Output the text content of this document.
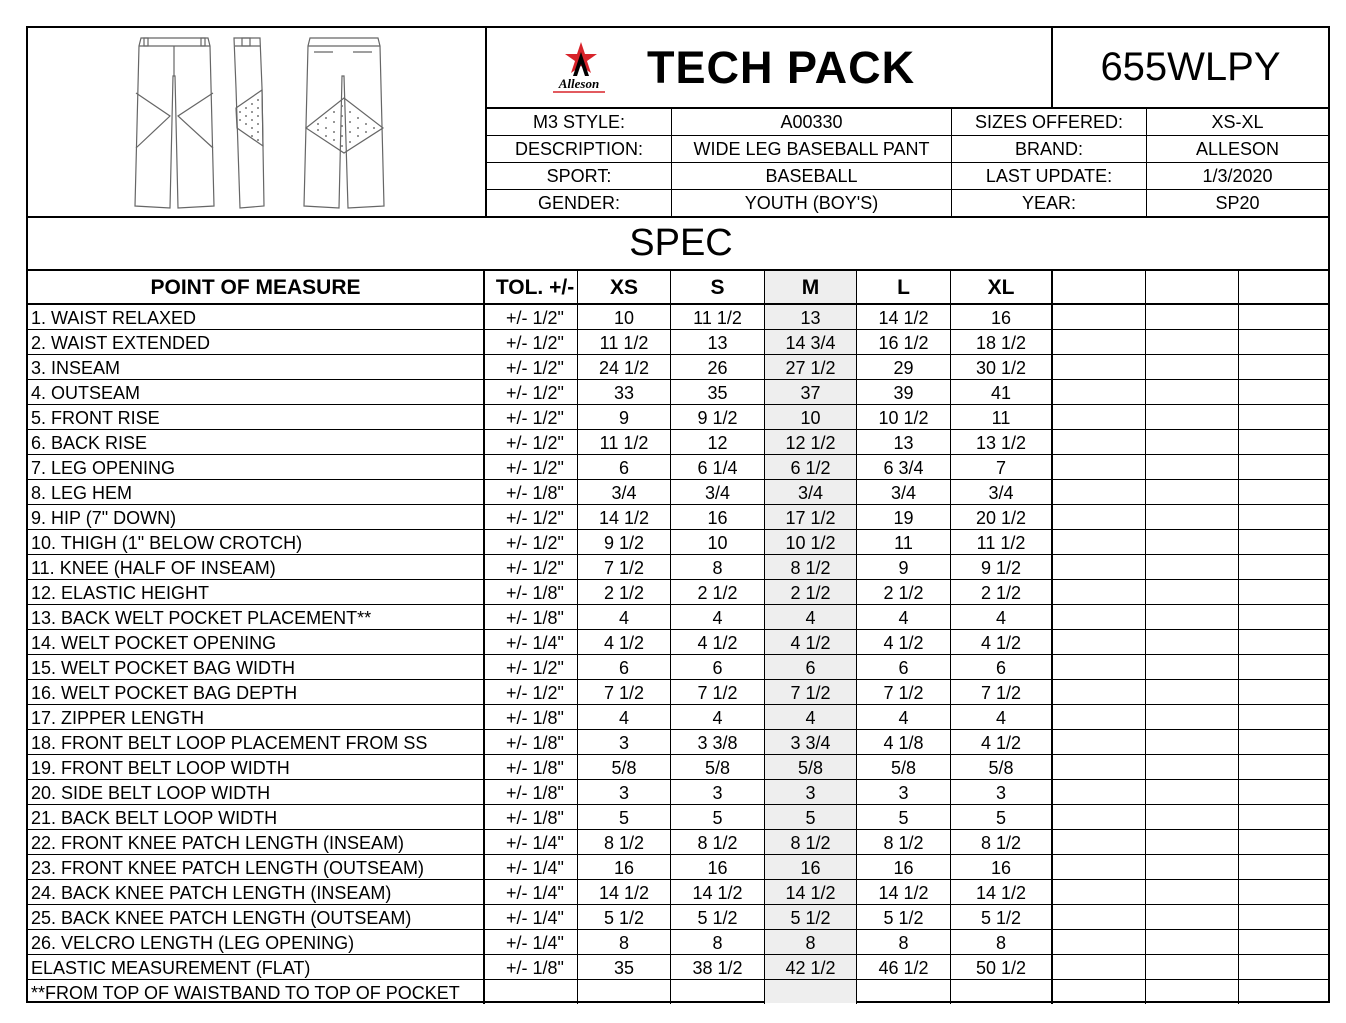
Alleson TECH PACK	655WLPY
M3 STYLE:	A00330	SIZES OFFERED:	XS-XL
DESCRIPTION:	WIDE LEG BASEBALL PANT	BRAND:	ALLESON
SPORT:	BASEBALL	LAST UPDATE:	1/3/2020
GENDER:	YOUTH (BOY'S)	YEAR:	SP20
SPEC
POINT OF MEASURE	TOL. +/-	XS	S	M	L	XL
1. WAIST RELAXED	+/- 1/2"	10	11 1/2	13	14 1/2	16
2. WAIST EXTENDED	+/- 1/2"	11 1/2	13	14 3/4	16 1/2	18 1/2
3. INSEAM	+/- 1/2"	24 1/2	26	27 1/2	29	30 1/2
4. OUTSEAM	+/- 1/2"	33	35	37	39	41
5. FRONT RISE	+/- 1/2"	9	9 1/2	10	10 1/2	11
6. BACK RISE	+/- 1/2"	11 1/2	12	12 1/2	13	13 1/2
7. LEG OPENING	+/- 1/2"	6	6 1/4	6 1/2	6 3/4	7
8. LEG HEM	+/- 1/8"	3/4	3/4	3/4	3/4	3/4
9. HIP (7" DOWN)	+/- 1/2"	14 1/2	16	17 1/2	19	20 1/2
10. THIGH (1" BELOW CROTCH)	+/- 1/2"	9 1/2	10	10 1/2	11	11 1/2
11. KNEE (HALF OF INSEAM)	+/- 1/2"	7 1/2	8	8 1/2	9	9 1/2
12. ELASTIC HEIGHT	+/- 1/8"	2 1/2	2 1/2	2 1/2	2 1/2	2 1/2
13. BACK WELT POCKET PLACEMENT**	+/- 1/8"	4	4	4	4	4
14. WELT POCKET OPENING	+/- 1/4"	4 1/2	4 1/2	4 1/2	4 1/2	4 1/2
15. WELT POCKET BAG WIDTH	+/- 1/2"	6	6	6	6	6
16. WELT POCKET BAG DEPTH	+/- 1/2"	7 1/2	7 1/2	7 1/2	7 1/2	7 1/2
17. ZIPPER LENGTH	+/- 1/8"	4	4	4	4	4
18. FRONT BELT LOOP PLACEMENT FROM SS	+/- 1/8"	3	3 3/8	3 3/4	4 1/8	4 1/2
19. FRONT BELT LOOP WIDTH	+/- 1/8"	5/8	5/8	5/8	5/8	5/8
20. SIDE BELT LOOP WIDTH	+/- 1/8"	3	3	3	3	3
21. BACK BELT LOOP WIDTH	+/- 1/8"	5	5	5	5	5
22. FRONT KNEE PATCH LENGTH (INSEAM)	+/- 1/4"	8 1/2	8 1/2	8 1/2	8 1/2	8 1/2
23. FRONT KNEE PATCH LENGTH (OUTSEAM)	+/- 1/4"	16	16	16	16	16
24. BACK KNEE PATCH LENGTH (INSEAM)	+/- 1/4"	14 1/2	14 1/2	14 1/2	14 1/2	14 1/2
25. BACK KNEE PATCH LENGTH (OUTSEAM)	+/- 1/4"	5 1/2	5 1/2	5 1/2	5 1/2	5 1/2
26. VELCRO LENGTH (LEG OPENING)	+/- 1/4"	8	8	8	8	8
ELASTIC MEASUREMENT (FLAT)	+/- 1/8"	35	38 1/2	42 1/2	46 1/2	50 1/2
**FROM TOP OF WAISTBAND TO TOP OF POCKET
